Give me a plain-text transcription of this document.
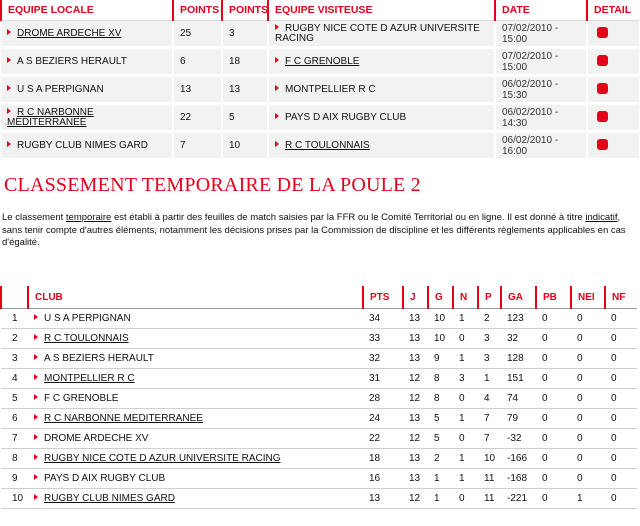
EQUIPE LOCALE	POINTS	POINTS	EQUIPE VISITEUSE	DATE	DETAIL
DROME ARDECHE XV	25	3	RUGBY NICE COTE D AZUR UNIVERSITE RACING	07/02/2010 - 15:00	
A S BEZIERS HERAULT	6	18	F C GRENOBLE	07/02/2010 - 15:00	
U S A PERPIGNAN	13	13	MONTPELLIER R C	06/02/2010 - 15:30	
R C NARBONNE MEDITERRANEE	22	5	PAYS D AIX RUGBY CLUB	06/02/2010 - 14:30	
RUGBY CLUB NIMES GARD	7	10	R C TOULONNAIS	06/02/2010 - 16:00	
CLASSEMENT TEMPORAIRE DE LA POULE 2

Le classement temporaire est établi à partir des feuilles de match saisies par la FFR ou le Comité Territorial ou en ligne. Il est donné à titre indicatif, sans tenir compte d'autres éléments, notamment les décisions prises par la Commission de discipline et les différents règlements applicables en cas d'égalité.

	CLUB	PTS	J	G	N	P	GA	PB	NEI	NF
1	U S A PERPIGNAN	34	13	10	1	2	123	0	0	0
2	R C TOULONNAIS	33	13	10	0	3	32	0	0	0
3	A S BEZIERS HERAULT	32	13	9	1	3	128	0	0	0
4	MONTPELLIER R C	31	12	8	3	1	151	0	0	0
5	F C GRENOBLE	28	12	8	0	4	74	0	0	0
6	R C NARBONNE MEDITERRANEE	24	13	5	1	7	79	0	0	0
7	DROME ARDECHE XV	22	12	5	0	7	-32	0	0	0
8	RUGBY NICE COTE D AZUR UNIVERSITE RACING	18	13	2	1	10	-166	0	0	0
9	PAYS D AIX RUGBY CLUB	16	13	1	1	11	-168	0	0	0
10	RUGBY CLUB NIMES GARD	13	12	1	0	11	-221	0	1	0
